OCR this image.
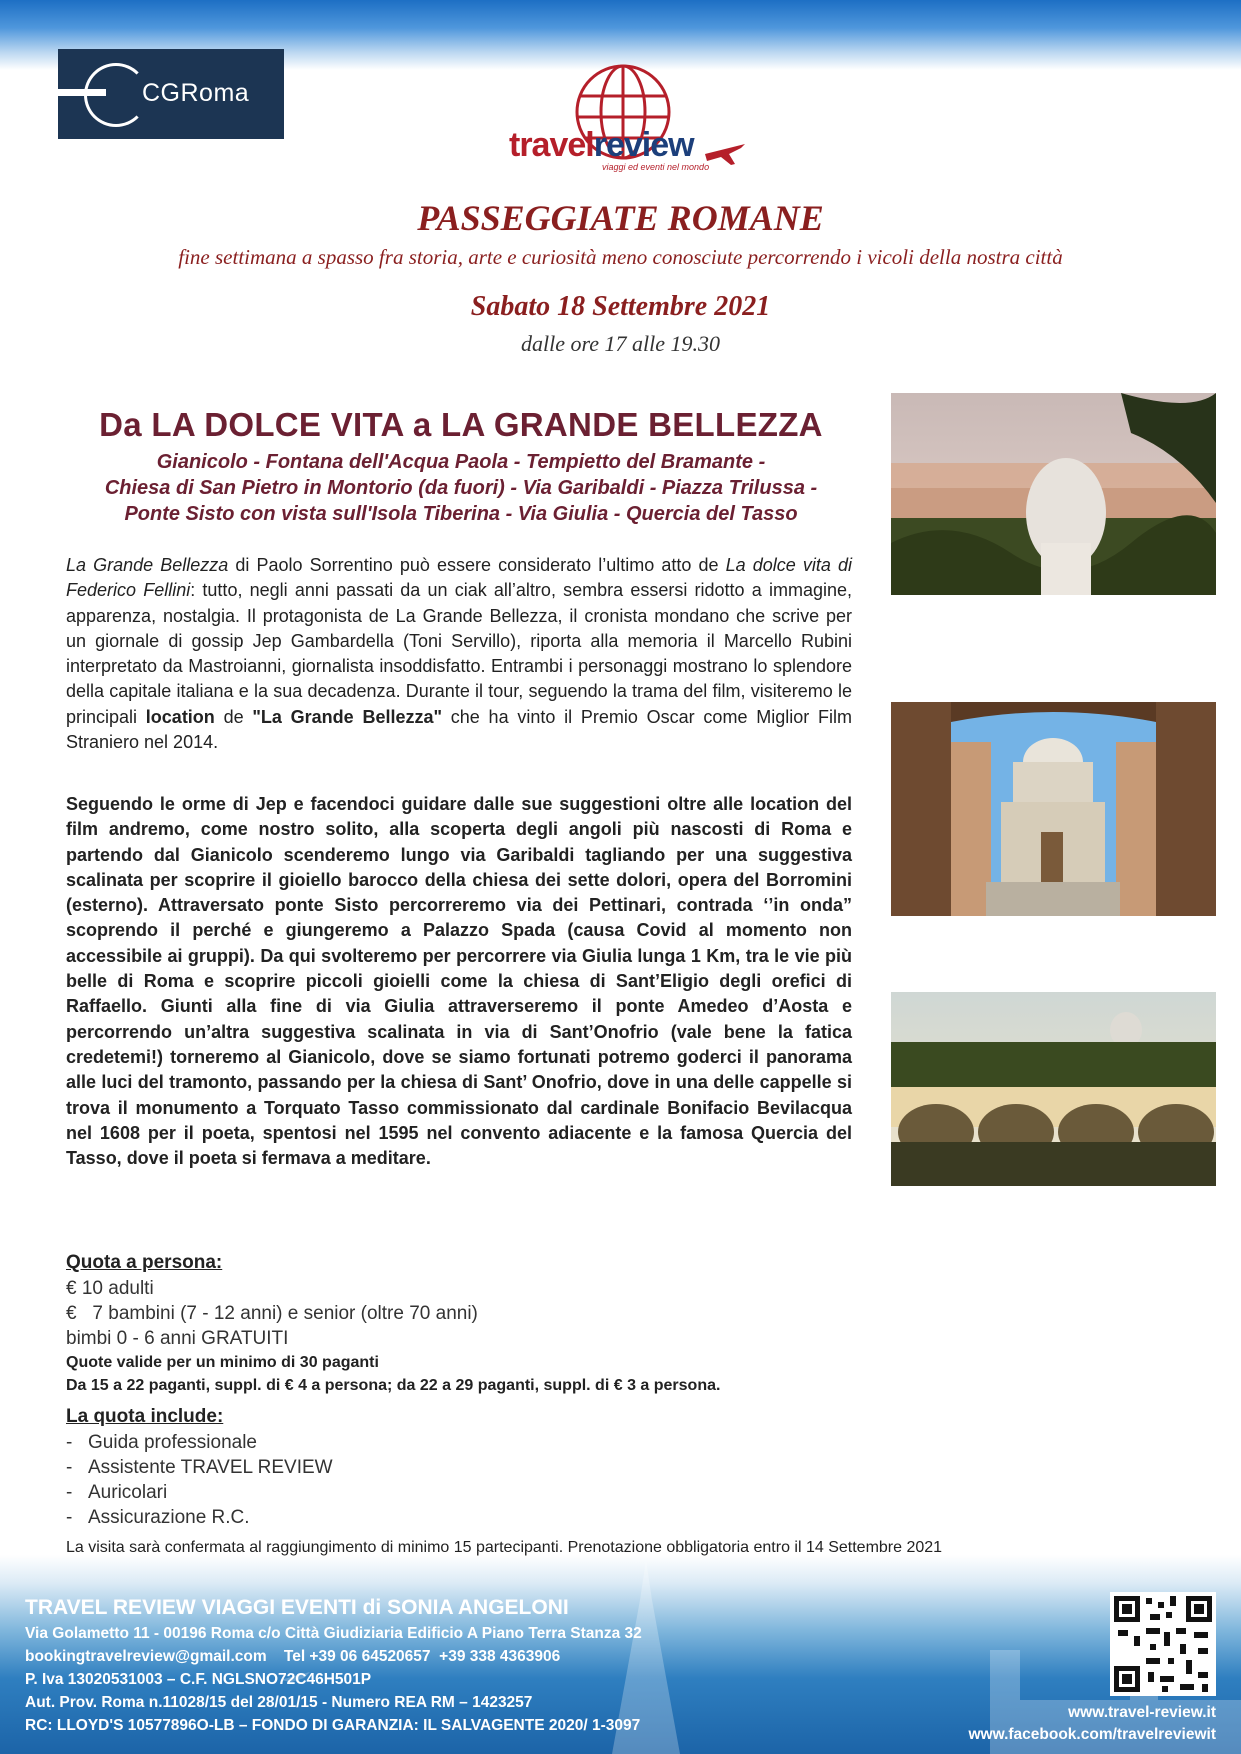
CGRoma
travelreview
viaggi ed eventi nel mondo
PASSEGGIATE ROMANE
fine settimana a spasso fra storia, arte e curiosità meno conosciute percorrendo i vicoli della nostra città
Sabato 18 Settembre 2021
dalle ore 17 alle 19.30
Da LA DOLCE VITA a LA GRANDE BELLEZZA
Gianicolo - Fontana dell'Acqua Paola - Tempietto del Bramante -
Chiesa di San Pietro in Montorio (da fuori) - Via Garibaldi - Piazza Trilussa -
Ponte Sisto con vista sull'Isola Tiberina - Via Giulia - Quercia del Tasso
La Grande Bellezza di Paolo Sorrentino può essere considerato l’ultimo atto de La dolce vita di Federico Fellini: tutto, negli anni passati da un ciak all’altro, sembra essersi ridotto a immagine, apparenza, nostalgia. Il protagonista de La Grande Bellezza, il cronista mondano che scrive per un giornale di gossip Jep Gambardella (Toni Servillo), riporta alla memoria il Marcello Rubini interpretato da Mastroianni, giornalista insoddisfatto. Entrambi i personaggi mostrano lo splendore della capitale italiana e la sua decadenza. Durante il tour, seguendo la trama del film, visiteremo le principali location de "La Grande Bellezza" che ha vinto il Premio Oscar come Miglior Film Straniero nel 2014.
Seguendo le orme di Jep e facendoci guidare dalle sue suggestioni oltre alle location del film andremo, come nostro solito, alla scoperta degli angoli più nascosti di Roma e partendo dal Gianicolo scenderemo lungo via Garibaldi tagliando per una suggestiva scalinata per scoprire il gioiello barocco della chiesa dei sette dolori, opera del Borromini (esterno). Attraversato ponte Sisto percorreremo via dei Pettinari, contrada ‘’in onda” scoprendo il perché e giungeremo a Palazzo Spada (causa Covid al momento non accessibile ai gruppi). Da qui svolteremo per percorrere via Giulia lunga 1 Km, tra le vie più belle di Roma e scoprire piccoli gioielli come la chiesa di Sant’Eligio degli orefici di Raffaello. Giunti alla fine di via Giulia attraverseremo il ponte Amedeo d’Aosta e percorrendo un’altra suggestiva scalinata in via di Sant’Onofrio (vale bene la fatica credetemi!) torneremo al Gianicolo, dove se siamo fortunati potremo goderci il panorama alle luci del tramonto, passando per la chiesa di Sant’ Onofrio, dove in una delle cappelle si trova il monumento a Torquato Tasso commissionato dal cardinale Bonifacio Bevilacqua nel 1608 per il poeta, spentosi nel 1595 nel convento adiacente e la famosa Quercia del Tasso, dove il poeta si fermava a meditare.
Quota a persona:
€ 10 adulti
€   7 bambini (7 - 12 anni) e senior (oltre 70 anni)
bimbi 0 - 6 anni GRATUITI
Quote valide per un minimo di 30 paganti
Da 15 a 22 paganti, suppl. di € 4 a persona; da 22 a 29 paganti, suppl. di € 3 a persona.
La quota include:
- Guida professionale
- Assistente TRAVEL REVIEW
- Auricolari
- Assicurazione R.C.
TRAVEL REVIEW VIAGGI EVENTI di SONIA ANGELONI
Via Golametto 11 - 00196 Roma c/o Città Giudiziaria Edificio A Piano Terra Stanza 32
bookingtravelreview@gmail.com    Tel +39 06 64520657  +39 338 4363906
P. Iva 13020531003 – C.F. NGLSNO72C46H501P
Aut. Prov. Roma n.11028/15 del 28/01/15 - Numero REA RM – 1423257
RC: LLOYD'S 10577896O-LB – FONDO DI GARANZIA: IL SALVAGENTE 2020/ 1-3097
www.travel-review.it
www.facebook.com/travelreviewit
La visita sarà confermata al raggiungimento di minimo 15 partecipanti. Prenotazione obbligatoria entro il 14 Settembre 2021
